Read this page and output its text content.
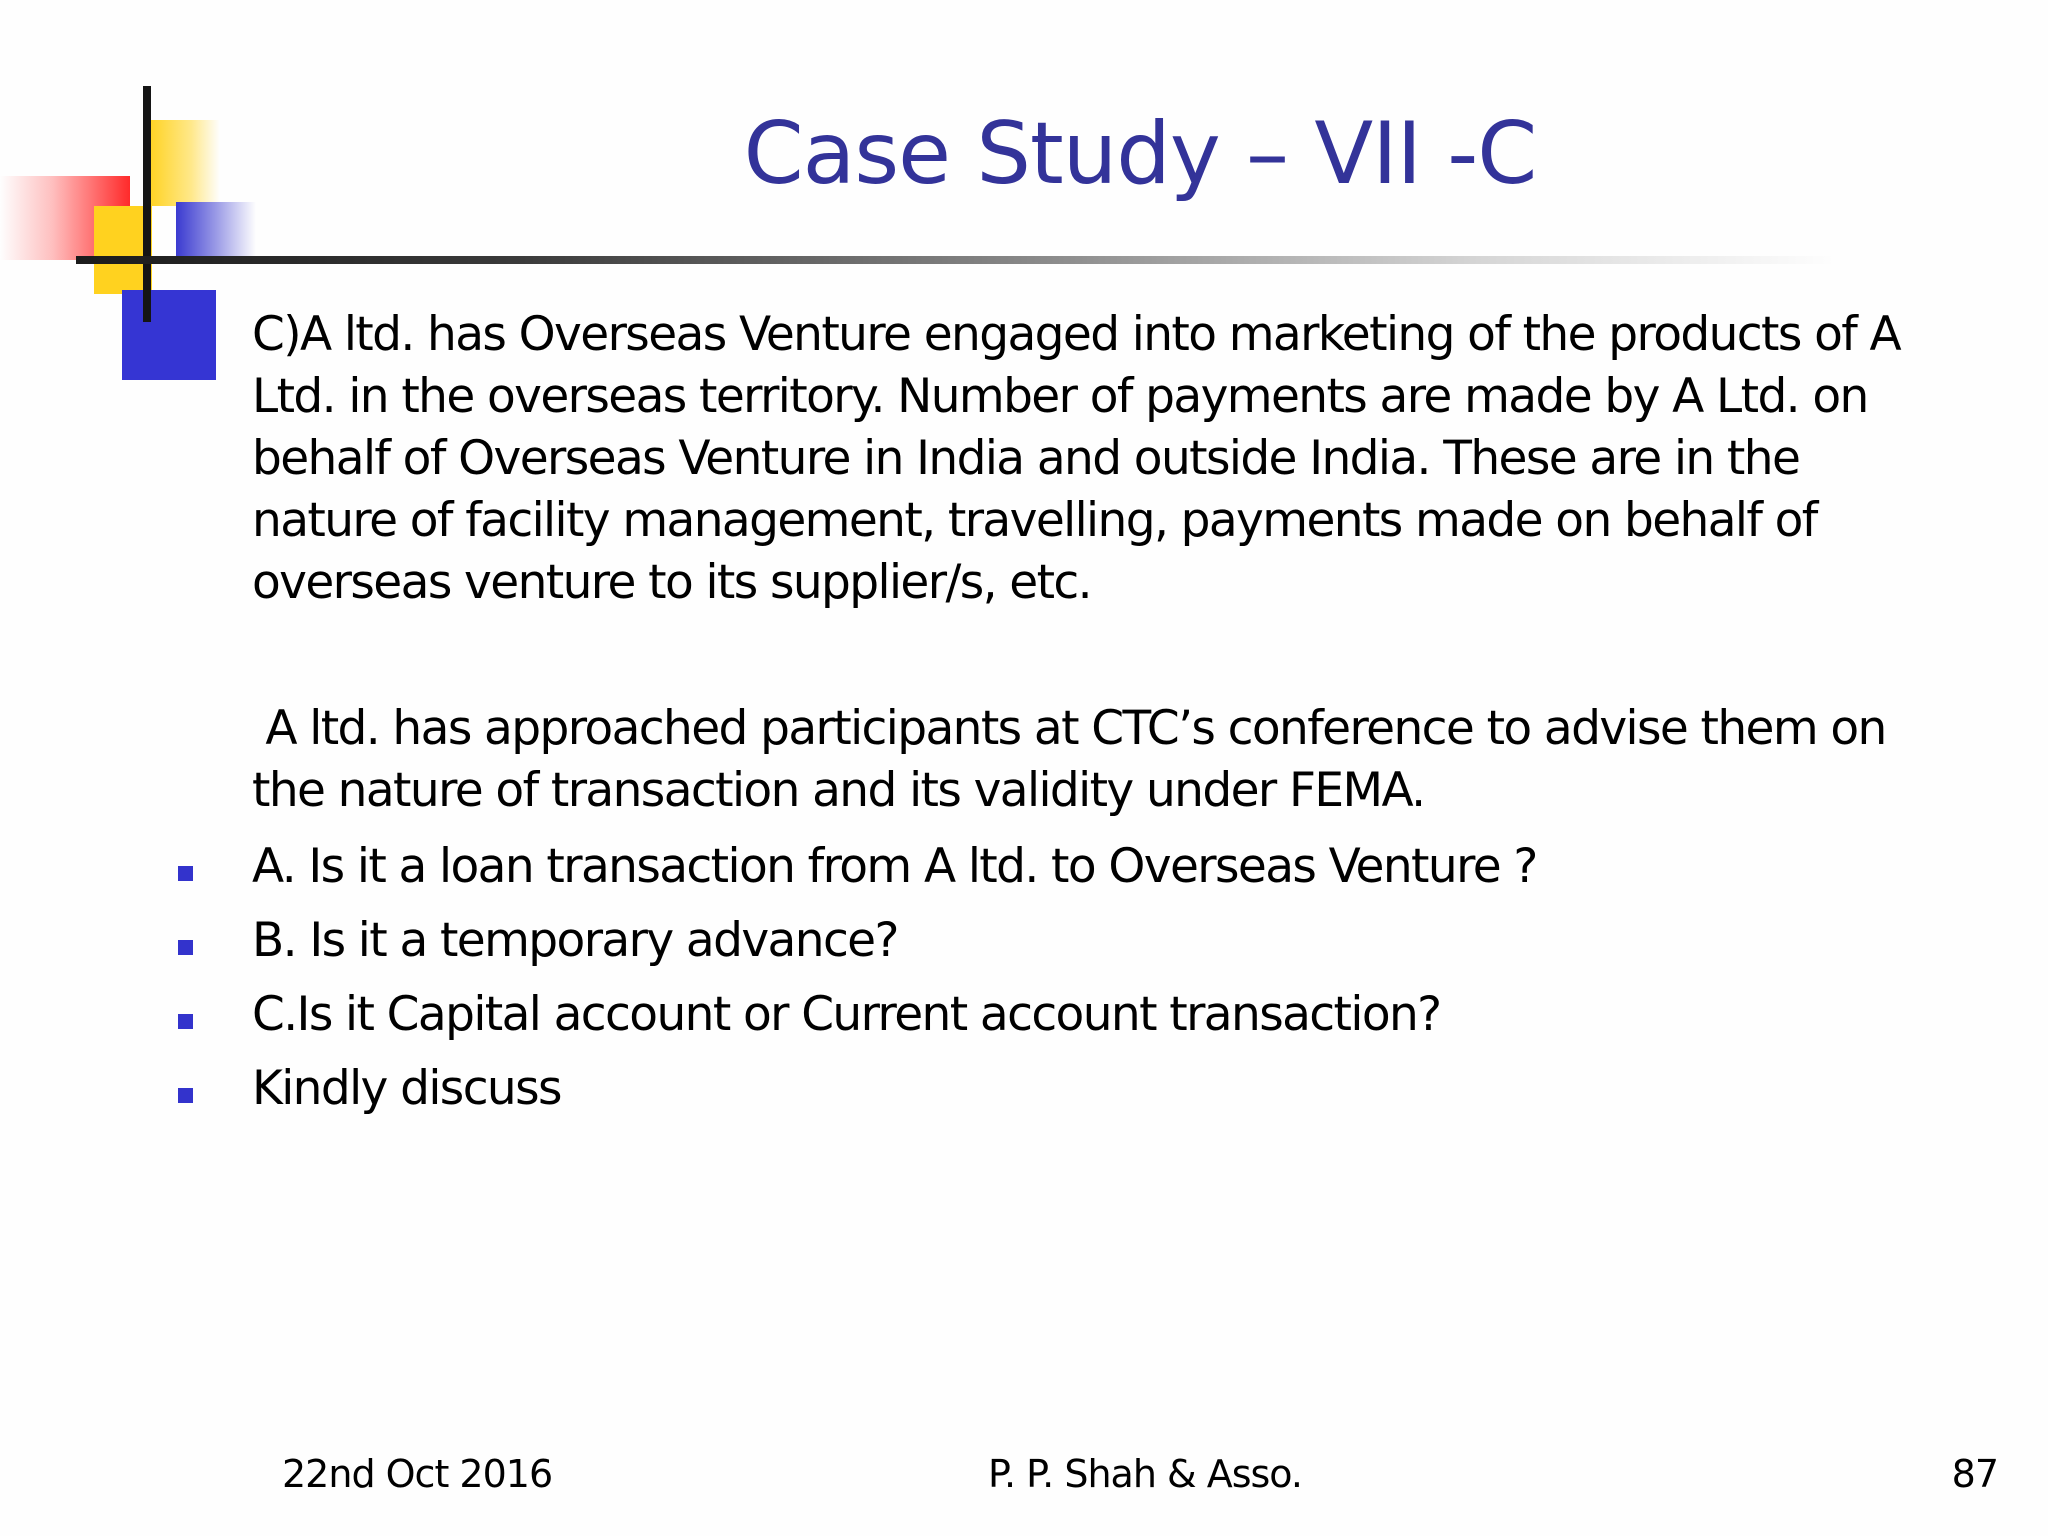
Case Study – VII -C
C)A ltd. has Overseas Venture engaged into marketing of the products of A
Ltd. in the overseas territory. Number of payments are made by A Ltd. on
behalf of Overseas Venture in India and outside India. These are in the
nature of facility management, travelling, payments made on behalf of
overseas venture to its supplier/s, etc.
A ltd. has approached participants at CTC’s conference to advise them on
the nature of transaction and its validity under FEMA.
A. Is it a loan transaction from A ltd. to Overseas Venture ?
B. Is it a temporary advance?
C.Is it Capital account or Current account transaction?
Kindly discuss
22nd Oct 2016	P. P. Shah & Asso.	87
